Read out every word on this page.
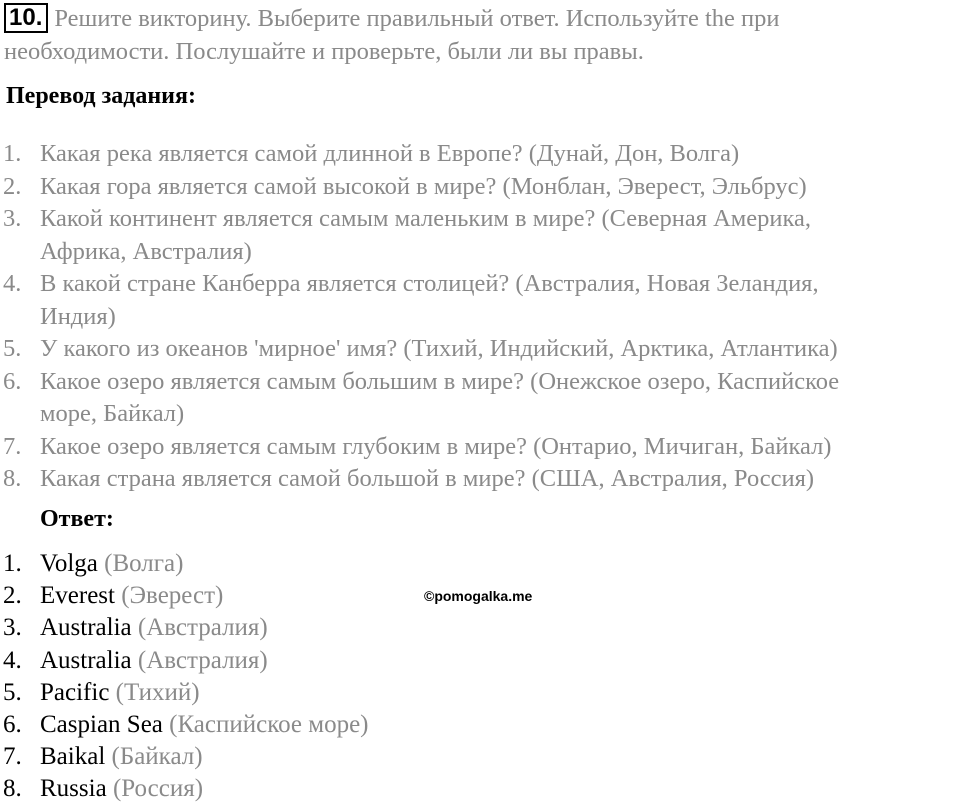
10. Решите викторину. Выберите правильный ответ. Используйте the при

необходимости. Послушайте и проверьте, были ли вы правы.

Перевод задания:
1. Какая река является самой длинной в Европе? (Дунай, Дон, Волга)
2. Какая гора является самой высокой в мире? (Монблан, Эверест, Эльбрус)
3. Какой континент является самым маленьким в мире? (Северная Америка,
Африка, Австралия)
4. В какой стране Канберра является столицей? (Австралия, Новая Зеландия,
Индия)
5. У какого из океанов 'мирное' имя? (Тихий, Индийский, Арктика, Атлантика)
6. Какое озеро является самым большим в мире? (Онежское озеро, Каспийское
море, Байкал)
7. Какое озеро является самым глубоким в мире? (Онтарио, Мичиган, Байкал)
8. Какая страна является самой большой в мире? (США, Австралия, Россия)
Ответ:
1. Volga (Волга)
2. Everest (Эверест)
3. Australia (Австралия)
4. Australia (Австралия)
5. Pacific (Тихий)
6. Caspian Sea (Каспийское море)
7. Baikal (Байкал)
8. Russia (Россия)
©pomogalka.me
